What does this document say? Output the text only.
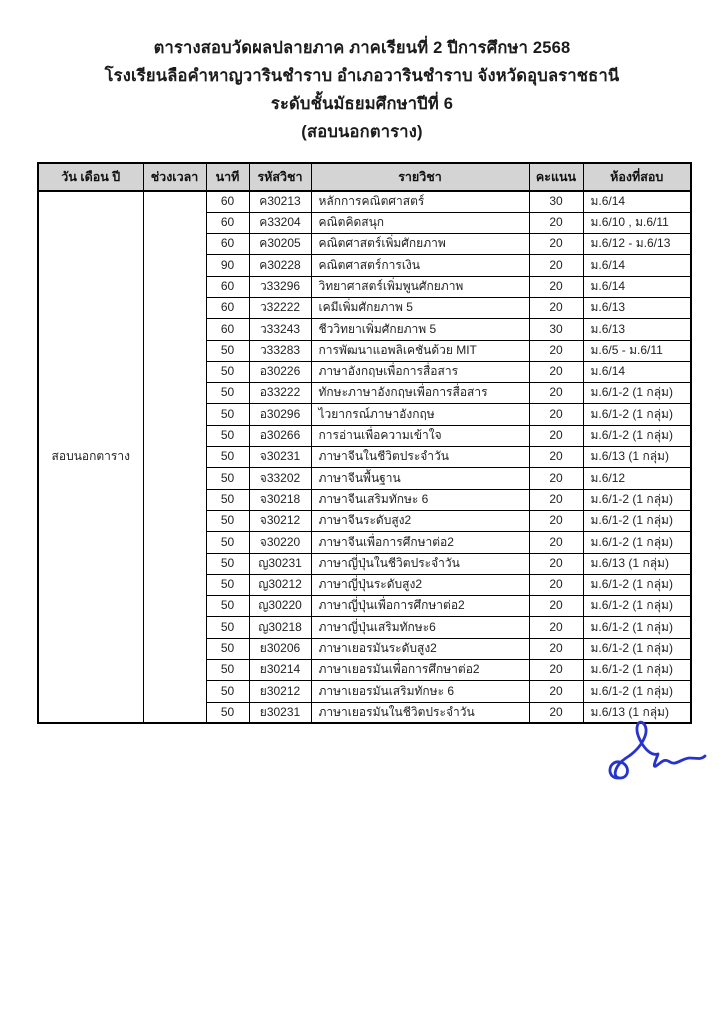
ตารางสอบวัดผลปลายภาค ภาคเรียนที่ 2 ปีการศึกษา 2568
โรงเรียนลือคำหาญวารินชำราบ อำเภอวารินชำราบ จังหวัดอุบลราชธานี
ระดับชั้นมัธยมศึกษาปีที่ 6
(สอบนอกตาราง)
วัน เดือน ปี	ช่วงเวลา	นาที	รหัสวิชา	รายวิชา	คะแนน	ห้องที่สอบ
สอบนอกตาราง		60	ค30213	หลักการคณิตศาสตร์	30	ม.6/14
		60	ค33204	คณิตคิดสนุก	20	ม.6/10 , ม.6/11
		60	ค30205	คณิตศาสตร์เพิ่มศักยภาพ	20	ม.6/12 - ม.6/13
		90	ค30228	คณิตศาสตร์การเงิน	20	ม.6/14
		60	ว33296	วิทยาศาสตร์เพิ่มพูนศักยภาพ	20	ม.6/14
		60	ว32222	เคมีเพิ่มศักยภาพ 5	20	ม.6/13
		60	ว33243	ชีววิทยาเพิ่มศักยภาพ 5	30	ม.6/13
		50	ว33283	การพัฒนาแอพลิเคชันด้วย MIT	20	ม.6/5 - ม.6/11
		50	อ30226	ภาษาอังกฤษเพื่อการสื่อสาร	20	ม.6/14
		50	อ33222	ทักษะภาษาอังกฤษเพื่อการสื่อสาร	20	ม.6/1-2 (1 กลุ่ม)
		50	อ30296	ไวยากรณ์ภาษาอังกฤษ	20	ม.6/1-2 (1 กลุ่ม)
		50	อ30266	การอ่านเพื่อความเข้าใจ	20	ม.6/1-2 (1 กลุ่ม)
		50	จ30231	ภาษาจีนในชีวิตประจำวัน	20	ม.6/13 (1 กลุ่ม)
		50	จ33202	ภาษาจีนพื้นฐาน	20	ม.6/12
		50	จ30218	ภาษาจีนเสริมทักษะ 6	20	ม.6/1-2 (1 กลุ่ม)
		50	จ30212	ภาษาจีนระดับสูง2	20	ม.6/1-2 (1 กลุ่ม)
		50	จ30220	ภาษาจีนเพื่อการศึกษาต่อ2	20	ม.6/1-2 (1 กลุ่ม)
		50	ญ30231	ภาษาญี่ปุ่นในชีวิตประจำวัน	20	ม.6/13 (1 กลุ่ม)
		50	ญ30212	ภาษาญี่ปุ่นระดับสูง2	20	ม.6/1-2 (1 กลุ่ม)
		50	ญ30220	ภาษาญี่ปุ่นเพื่อการศึกษาต่อ2	20	ม.6/1-2 (1 กลุ่ม)
		50	ญ30218	ภาษาญี่ปุ่นเสริมทักษะ6	20	ม.6/1-2 (1 กลุ่ม)
		50	ย30206	ภาษาเยอรมันระดับสูง2	20	ม.6/1-2 (1 กลุ่ม)
		50	ย30214	ภาษาเยอรมันเพื่อการศึกษาต่อ2	20	ม.6/1-2 (1 กลุ่ม)
		50	ย30212	ภาษาเยอรมันเสริมทักษะ 6	20	ม.6/1-2 (1 กลุ่ม)
		50	ย30231	ภาษาเยอรมันในชีวิตประจำวัน	20	ม.6/13 (1 กลุ่ม)
